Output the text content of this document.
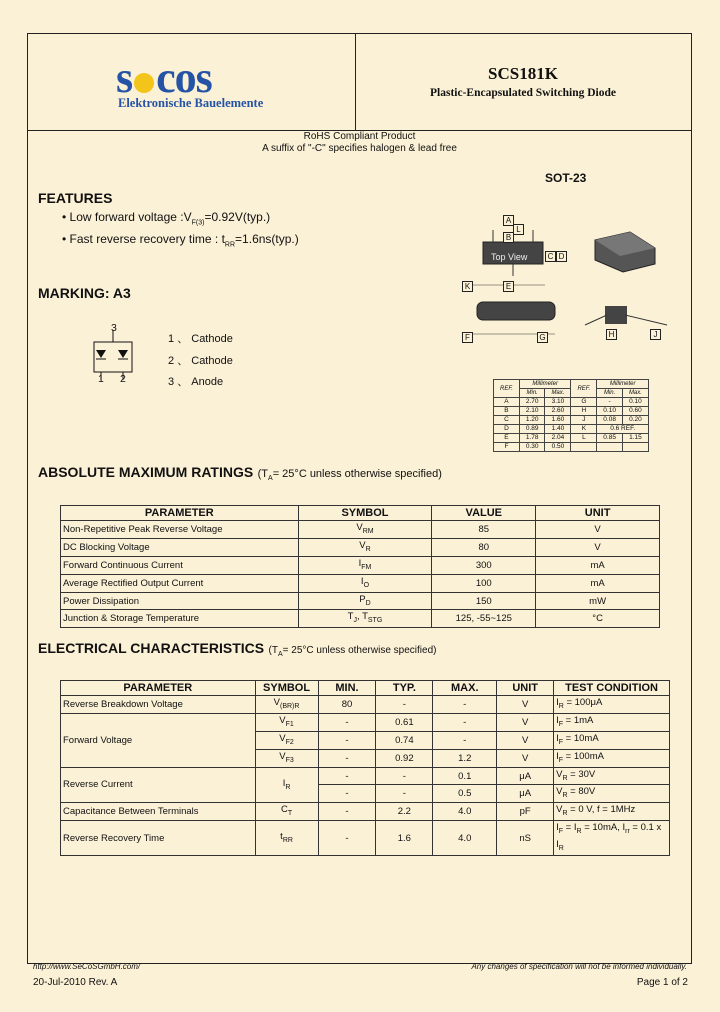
s cos
Elektronische Bauelemente
SCS181K
Plastic-Encapsulated Switching Diode
RoHS Compliant Product
A suffix of "-C" specifies halogen & lead free
SOT-23
FEATURES
• Low forward voltage $:V_{F(3)}=0.92V(typ.)$
• Fast reverse recovery time : $t_{RR}=1.6ns(typ.)$
Top View
A
L
B
C D
G	H	J
K	E
F
MARKING: A3
3
1 2
1 、 Cathode
2 、 Cathode
3 、 Anode
REF.	Millimeter		REF.	Millimeter	
	Min.	Max.		Min.	Max.
A	2.70	3.10	G	-	0.10
B	2.10	2.60	H	0.10	0.60
C	1.20	1.60	J	0.08	0.20
D	0.89	1.40	K	0.6 REF.	
E	1.78	2.04	L	0.85	1.15
F	0.30	0.50			
ABSOLUTE MAXIMUM RATINGS ($T_A= 25^\circ C$ unless otherwise specified)
PARAMETER	SYMBOL	VALUE	UNIT
Non-Repetitive Peak Reverse Voltage	$V_{RM}$	85	V
DC Blocking Voltage	$V_R$	80	V
Forward Continuous Current	$I_{FM}$	300	mA
Average Rectified Output Current	$I_O$	100	mA
Power Dissipation	$P_D$	150	mW
Junction & Storage Temperature	$T_J$, $T_{STG}$	125, -55~125	°C
ELECTRICAL CHARACTERISTICS ($T_A= 25^\circ C$ unless otherwise specified)
PARAMETER	SYMBOL	MIN.	TYP.	MAX.	UNIT	TEST CONDITION
Reverse Breakdown Voltage	$V_{(BR)R}$	80	-	-	V	$I_R = 100\mu A$
Forward Voltage	$V_{F1}$	-	0.61	-	V	$I_F = 1mA$
	$V_{F2}$	-	0.74	-	V	$I_F = 10mA$
	$V_{F3}$	-	0.92	1.2	V	$I_F = 100mA$
Reverse Current	$I_R$	-	-	0.1	μA	$V_R = 30V$
		-	-	0.5	μA	$V_R = 80V$
Capacitance Between Terminals	$C_T$	-	2.2	4.0	pF	$V_R = 0$ V, f = 1MHz
Reverse Recovery Time	$t_{RR}$	-	1.6	4.0	nS	$I_F = I_R = 10mA$, $I_{rr} = 0.1$ x $I_R$
http://www.SeCoSGmbH.com/	Any changes of specification will not be informed individually.
20-Jul-2010 Rev. A	Page 1 of 2
